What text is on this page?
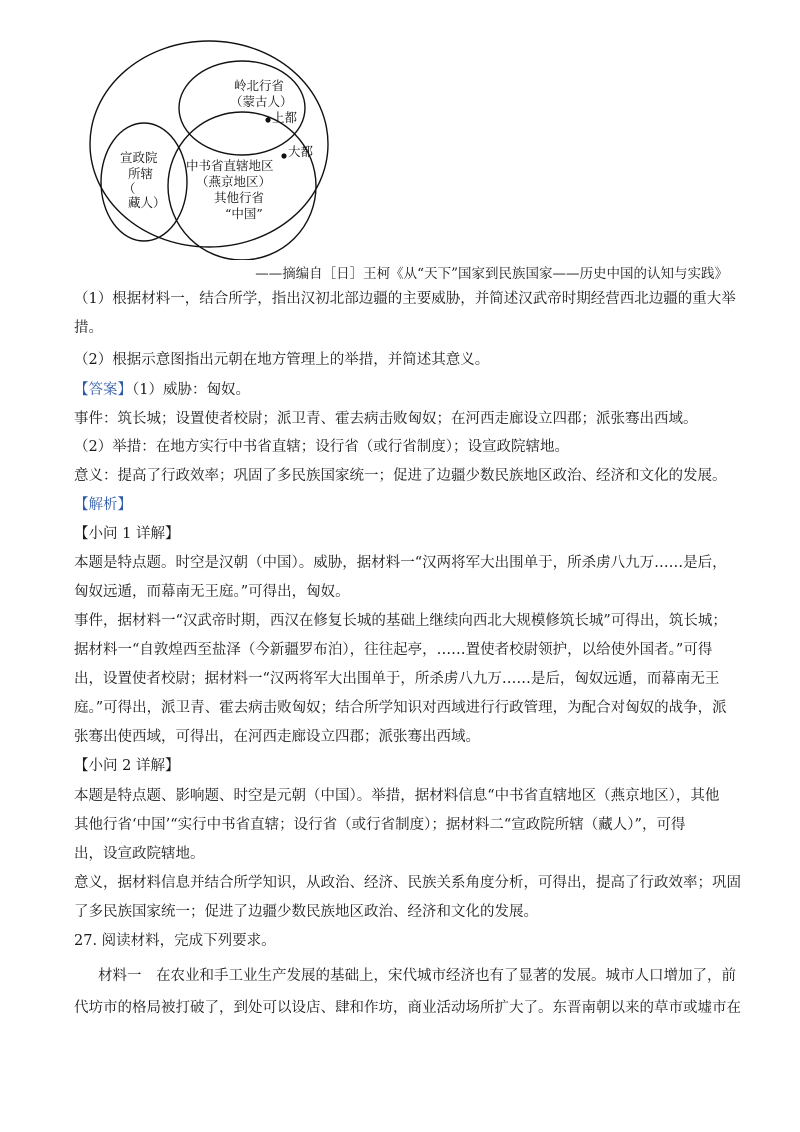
岭北行省
（蒙古人）
上都
大都
宣政院
所辖
（
藏人）
中书省直辖地区
（燕京地区）
其他行省
“中国”
——摘编自［日］王柯《从“天下”国家到民族国家——历史中国的认知与实践》
（1）根据材料一，结合所学，指出汉初北部边疆的主要威胁，并简述汉武帝时期经营西北边疆的重大举
措。
（2）根据示意图指出元朝在地方管理上的举措，并简述其意义。
【答案】（1）威胁：匈奴。
事件：筑长城；设置使者校尉；派卫青、霍去病击败匈奴；在河西走廊设立四郡；派张骞出西域。
（2）举措：在地方实行中书省直辖；设行省（或行省制度）；设宣政院辖地。
意义：提高了行政效率；巩固了多民族国家统一；促进了边疆少数民族地区政治、经济和文化的发展。
【解析】
【小问 1 详解】
本题是特点题。时空是汉朝（中国）。威胁，据材料一“汉两将军大出围单于，所杀虏八九万……是后，
匈奴远遁，而幕南无王庭。”可得出，匈奴。
事件，据材料一“汉武帝时期，西汉在修复长城的基础上继续向西北大规模修筑长城”可得出，筑长城；
据材料一“自敦煌西至盐泽（今新疆罗布泊），往往起亭，……置使者校尉领护，以给使外国者。”可得
出，设置使者校尉；据材料一“汉两将军大出围单于，所杀虏八九万……是后，匈奴远遁，而幕南无王
庭。”可得出，派卫青、霍去病击败匈奴；结合所学知识对西域进行行政管理，为配合对匈奴的战争，派
张骞出使西域，可得出，在河西走廊设立四郡；派张骞出西域。
【小问 2 详解】
本题是特点题、影响题、时空是元朝（中国）。举措，据材料信息“中书省直辖地区（燕京地区），其他
其他行省‘中国’“实行中书省直辖；设行省（或行省制度）；据材料二“宣政院所辖（藏人）”，可得
出，设宣政院辖地。
意义，据材料信息并结合所学知识，从政治、经济、民族关系角度分析，可得出，提高了行政效率；巩固
了多民族国家统一；促进了边疆少数民族地区政治、经济和文化的发展。
27. 阅读材料，完成下列要求。
材料一　在农业和手工业生产发展的基础上，宋代城市经济也有了显著的发展。城市人口增加了，前
代坊市的格局被打破了，到处可以设店、肆和作坊，商业活动场所扩大了。东晋南朝以来的草市或墟市在
